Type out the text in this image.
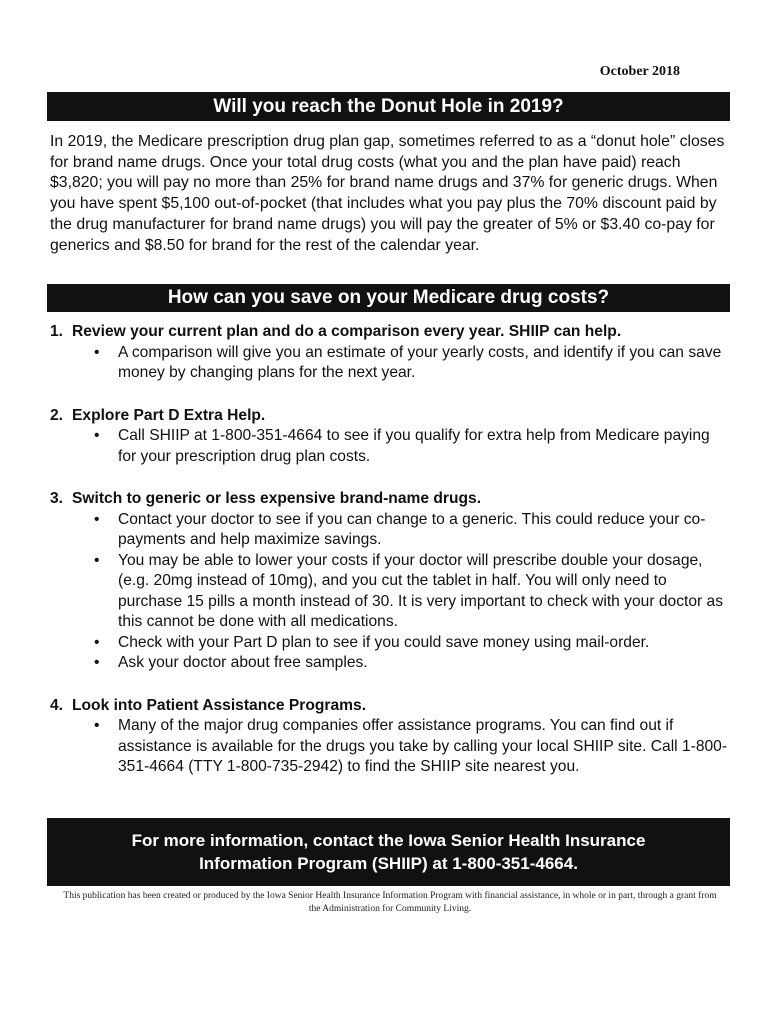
October 2018
Will you reach the Donut Hole in 2019?

In 2019, the Medicare prescription drug plan gap, sometimes referred to as a “donut hole” closes for brand name drugs. Once your total drug costs (what you and the plan have paid) reach $3,820; you will pay no more than 25% for brand name drugs and 37% for generic drugs. When you have spent $5,100 out-of-pocket (that includes what you pay plus the 70% discount paid by the drug manufacturer for brand name drugs) you will pay the greater of 5% or $3.40 co-pay for generics and $8.50 for brand for the rest of the calendar year.

How can you save on your Medicare drug costs?
1. Review your current plan and do a comparison every year. SHIIP can help.
• A comparison will give you an estimate of your yearly costs, and identify if you can save money by changing plans for the next year.
2. Explore Part D Extra Help.
• Call SHIIP at 1-800-351-4664 to see if you qualify for extra help from Medicare paying for your prescription drug plan costs.
3. Switch to generic or less expensive brand-name drugs.
• Contact your doctor to see if you can change to a generic. This could reduce your co-payments and help maximize savings.
• You may be able to lower your costs if your doctor will prescribe double your dosage, (e.g. 20mg instead of 10mg), and you cut the tablet in half. You will only need to purchase 15 pills a month instead of 30. It is very important to check with your doctor as this cannot be done with all medications.
• Check with your Part D plan to see if you could save money using mail-order.
• Ask your doctor about free samples.
4. Look into Patient Assistance Programs.
• Many of the major drug companies offer assistance programs. You can find out if assistance is available for the drugs you take by calling your local SHIIP site. Call 1-800-351-4664 (TTY 1-800-735-2942) to find the SHIIP site nearest you.
For more information, contact the Iowa Senior Health Insurance
Information Program (SHIIP) at 1-800-351-4664.
This publication has been created or produced by the Iowa Senior Health Insurance Information Program with financial assistance, in whole or in part, through a grant from the Administration for Community Living.
